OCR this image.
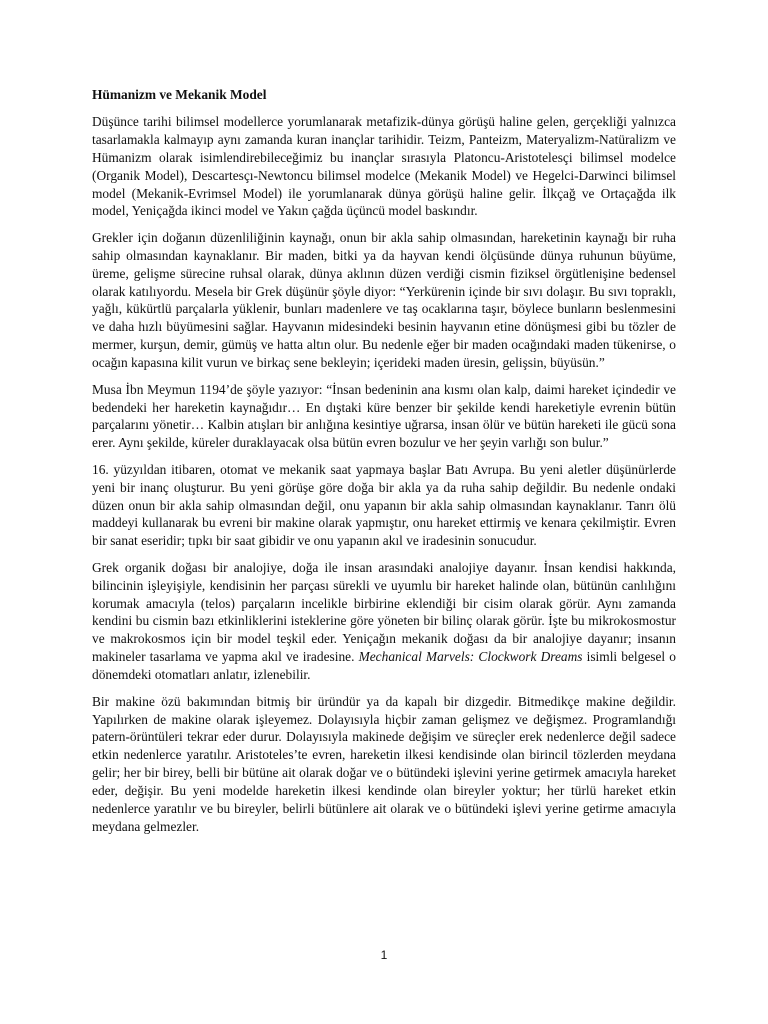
Hümanizm ve Mekanik Model

Düşünce tarihi bilimsel modellerce yorumlanarak metafizik-dünya görüşü haline gelen, gerçekliği yalnızca tasarlamakla kalmayıp aynı zamanda kuran inançlar tarihidir. Teizm, Panteizm, Materyalizm-Natüralizm ve Hümanizm olarak isimlendirebileceğimiz bu inançlar sırasıyla Platoncu-Aristotelesçi bilimsel modelce (Organik Model), Descartesçı-Newtoncu bilimsel modelce (Mekanik Model) ve Hegelci-Darwinci bilimsel model (Mekanik-Evrimsel Model) ile yorumlanarak dünya görüşü haline gelir. İlkçağ ve Ortaçağda ilk model, Yeniçağda ikinci model ve Yakın çağda üçüncü model baskındır.

Grekler için doğanın düzenliliğinin kaynağı, onun bir akla sahip olmasından, hareketinin kaynağı bir ruha sahip olmasından kaynaklanır. Bir maden, bitki ya da hayvan kendi ölçüsünde dünya ruhunun büyüme, üreme, gelişme sürecine ruhsal olarak, dünya aklının düzen verdiği cismin fiziksel örgütlenişine bedensel olarak katılıyordu. Mesela bir Grek düşünür şöyle diyor: “Yerkürenin içinde bir sıvı dolaşır. Bu sıvı topraklı, yağlı, kükürtlü parçalarla yüklenir, bunları madenlere ve taş ocaklarına taşır, böylece bunların beslenmesini ve daha hızlı büyümesini sağlar. Hayvanın midesindeki besinin hayvanın etine dönüşmesi gibi bu tözler de mermer, kurşun, demir, gümüş ve hatta altın olur. Bu nedenle eğer bir maden ocağındaki maden tükenirse, o ocağın kapasına kilit vurun ve birkaç sene bekleyin; içerideki maden üresin, gelişsin, büyüsün.”

Musa İbn Meymun 1194’de şöyle yazıyor: “İnsan bedeninin ana kısmı olan kalp, daimi hareket içindedir ve bedendeki her hareketin kaynağıdır… En dıştaki küre benzer bir şekilde kendi hareketiyle evrenin bütün parçalarını yönetir… Kalbin atışları bir anlığına kesintiye uğrarsa, insan ölür ve bütün hareketi ile gücü sona erer. Aynı şekilde, küreler duraklayacak olsa bütün evren bozulur ve her şeyin varlığı son bulur.”

16. yüzyıldan itibaren, otomat ve mekanik saat yapmaya başlar Batı Avrupa. Bu yeni aletler düşünürlerde yeni bir inanç oluşturur. Bu yeni görüşe göre doğa bir akla ya da ruha sahip değildir. Bu nedenle ondaki düzen onun bir akla sahip olmasından değil, onu yapanın bir akla sahip olmasından kaynaklanır. Tanrı ölü maddeyi kullanarak bu evreni bir makine olarak yapmıştır, onu hareket ettirmiş ve kenara çekilmiştir. Evren bir sanat eseridir; tıpkı bir saat gibidir ve onu yapanın akıl ve iradesinin sonucudur.

Grek organik doğası bir analojiye, doğa ile insan arasındaki analojiye dayanır. İnsan kendisi hakkında, bilincinin işleyişiyle, kendisinin her parçası sürekli ve uyumlu bir hareket halinde olan, bütünün canlılığını korumak amacıyla (telos) parçaların incelikle birbirine eklendiği bir cisim olarak görür. Aynı zamanda kendini bu cismin bazı etkinliklerini isteklerine göre yöneten bir bilinç olarak görür. İşte bu mikrokosmostur ve makrokosmos için bir model teşkil eder. Yeniçağın mekanik doğası da bir analojiye dayanır; insanın makineler tasarlama ve yapma akıl ve iradesine. Mechanical Marvels: Clockwork Dreams isimli belgesel o dönemdeki otomatları anlatır, izlenebilir.

Bir makine özü bakımından bitmiş bir üründür ya da kapalı bir dizgedir. Bitmedikçe makine değildir. Yapılırken de makine olarak işleyemez. Dolayısıyla hiçbir zaman gelişmez ve değişmez. Programlandığı patern-örüntüleri tekrar eder durur. Dolayısıyla makinede değişim ve süreçler erek nedenlerce değil sadece etkin nedenlerce yaratılır. Aristoteles’te evren, hareketin ilkesi kendisinde olan birincil tözlerden meydana gelir; her bir birey, belli bir bütüne ait olarak doğar ve o bütündeki işlevini yerine getirmek amacıyla hareket eder, değişir. Bu yeni modelde hareketin ilkesi kendinde olan bireyler yoktur; her türlü hareket etkin nedenlerce yaratılır ve bu bireyler, belirli bütünlere ait olarak ve o bütündeki işlevi yerine getirme amacıyla meydana gelmezler.

1
